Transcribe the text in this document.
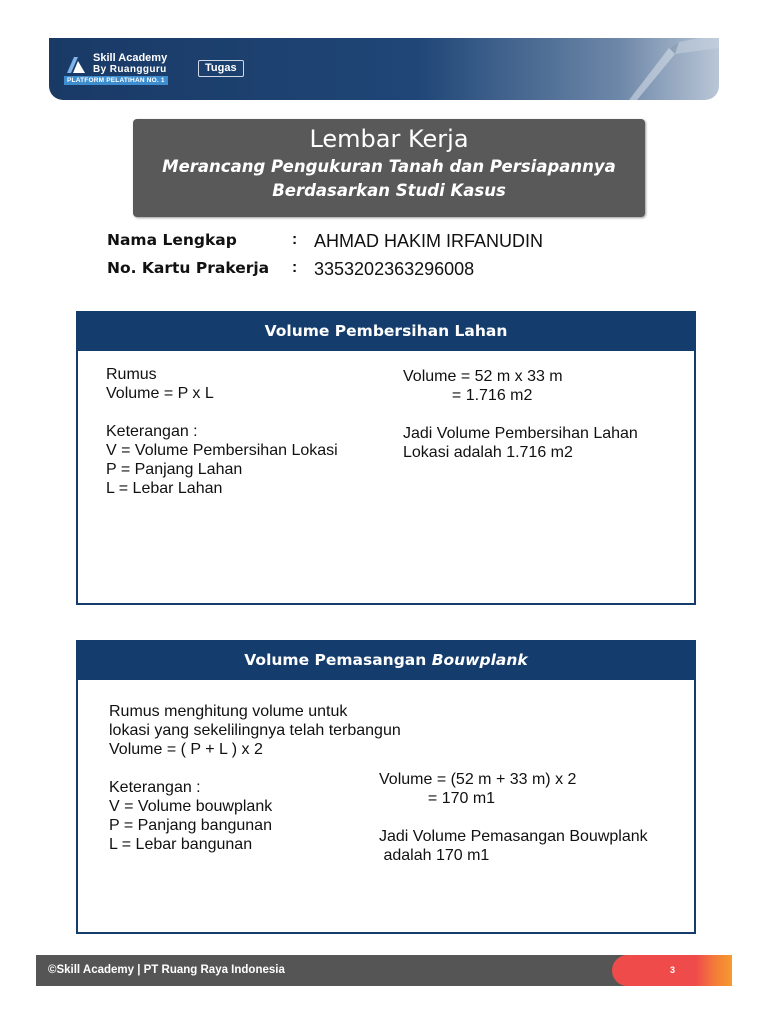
Skill Academy
By Ruangguru
PLATFORM PELATIHAN NO. 1
Tugas
Lembar Kerja
Merancang Pengukuran Tanah dan Persiapannya
Berdasarkan Studi Kasus
Nama Lengkap	: AHMAD HAKIM IRFANUDIN
No. Kartu Prakerja : 3353202363296008
Volume Pembersihan Lahan
Rumus
Volume = P x L

Keterangan :
V = Volume Pembersihan Lokasi
P = Panjang Lahan
L = Lebar Lahan
Volume = 52 m x 33 m
= 1.716 m2

Jadi Volume Pembersihan Lahan
Lokasi adalah 1.716 m2
Volume Pemasangan Bouwplank
Rumus menghitung volume untuk
lokasi yang sekelilingnya telah terbangun
Volume = ( P + L ) x 2
Keterangan :
V = Volume bouwplank
P = Panjang bangunan
L = Lebar bangunan
Volume = (52 m + 33 m) x 2
= 170 m1

Jadi Volume Pemasangan Bouwplank
adalah 170 m1
©Skill Academy | PT Ruang Raya Indonesia	3
